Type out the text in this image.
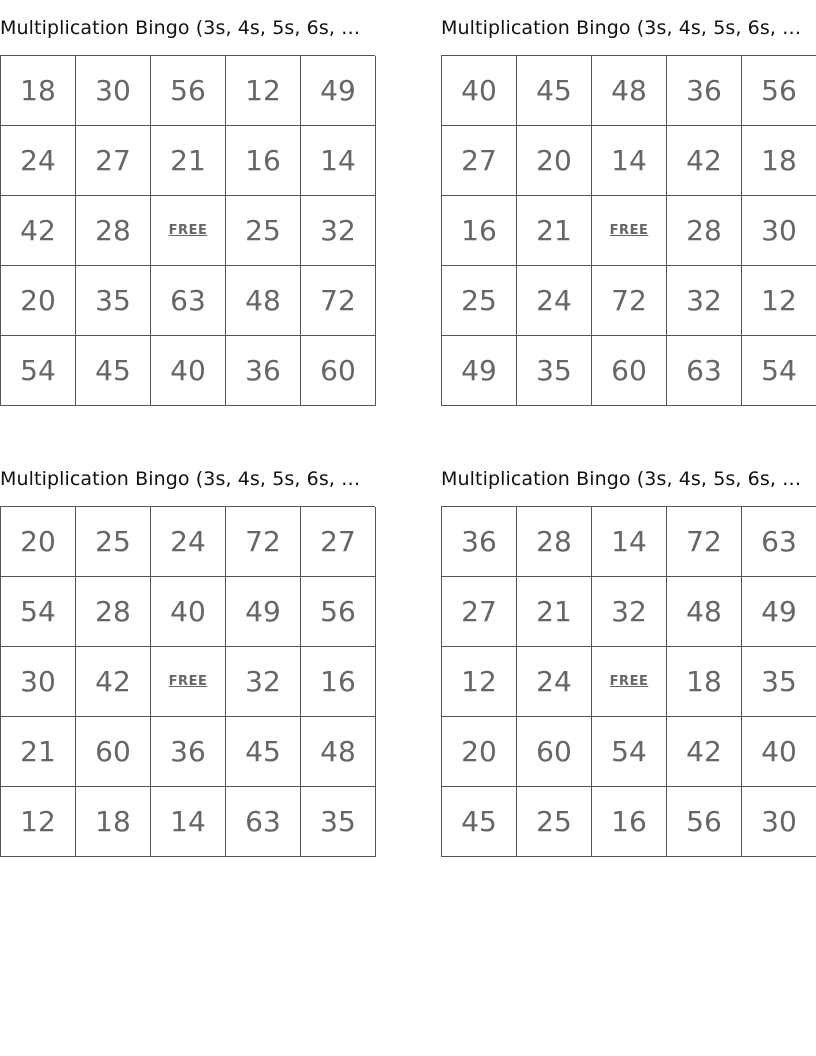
Multiplication Bingo (3s, 4s, 5s, 6s, …
18	30	56	12	49
24	27	21	16	14
42	28	FREE	25	32
20	35	63	48	72
54	45	40	36	60
Multiplication Bingo (3s, 4s, 5s, 6s, …
40	45	48	36	56
27	20	14	42	18
16	21	FREE	28	30
25	24	72	32	12
49	35	60	63	54
Multiplication Bingo (3s, 4s, 5s, 6s, …
20	25	24	72	27
54	28	40	49	56
30	42	FREE	32	16
21	60	36	45	48
12	18	14	63	35
Multiplication Bingo (3s, 4s, 5s, 6s, …
36	28	14	72	63
27	21	32	48	49
12	24	FREE	18	35
20	60	54	42	40
45	25	16	56	30
